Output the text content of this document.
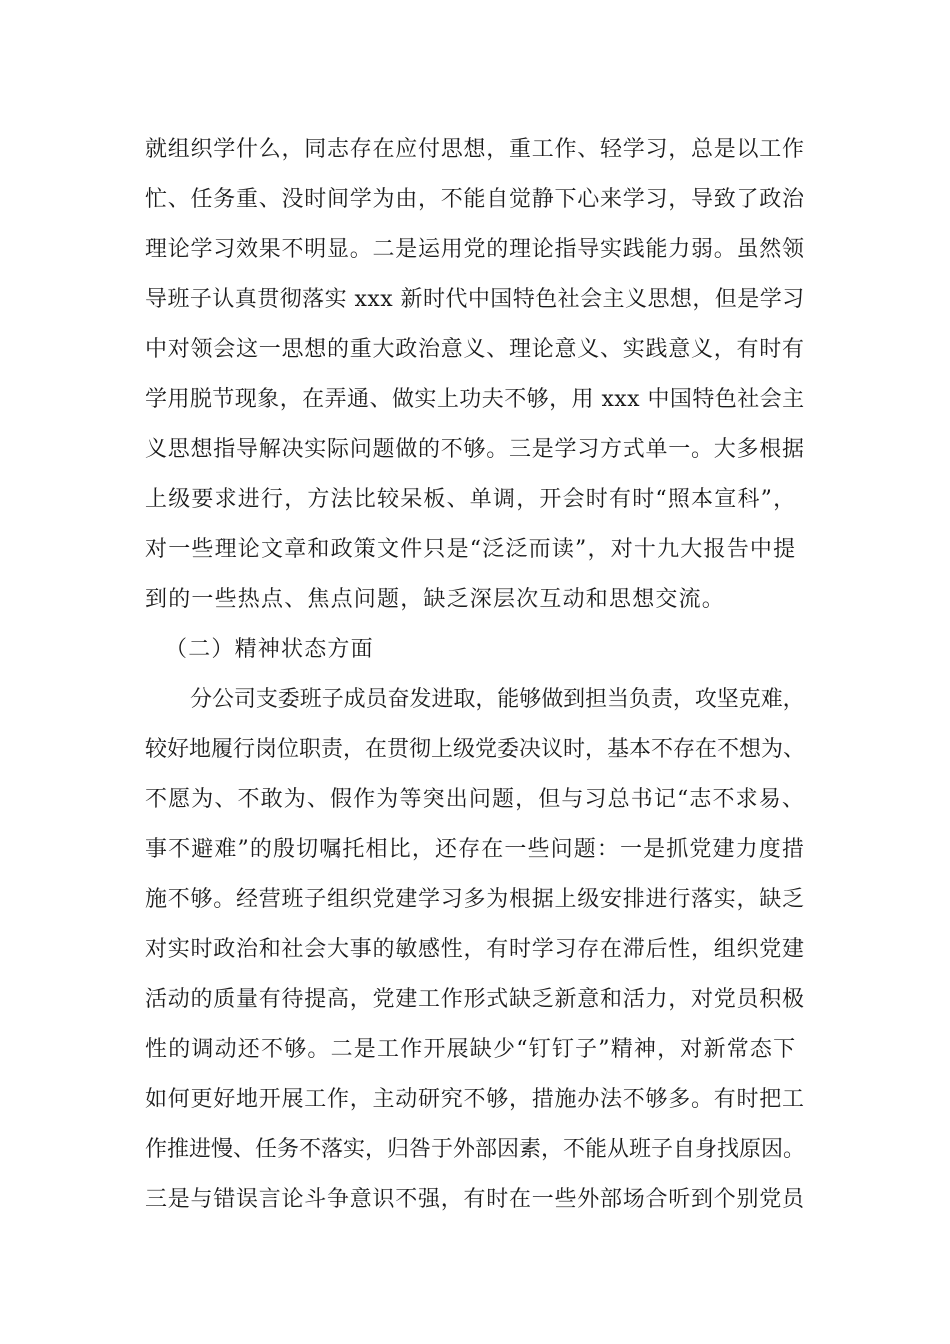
就组织学什么，同志存在应付思想，重工作、轻学习，总是以工作
忙、任务重、没时间学为由，不能自觉静下心来学习，导致了政治
理论学习效果不明显。二是运用党的理论指导实践能力弱。虽然领
导班子认真贯彻落实 xxx 新时代中国特色社会主义思想，但是学习
中对领会这一思想的重大政治意义、理论意义、实践意义，有时有
学用脱节现象，在弄通、做实上功夫不够，用 xxx 中国特色社会主
义思想指导解决实际问题做的不够。三是学习方式单一。大多根据
上级要求进行，方法比较呆板、单调，开会时有时“照本宣科”，
对一些理论文章和政策文件只是“泛泛而读”，对十九大报告中提
到的一些热点、焦点问题，缺乏深层次互动和思想交流。
（二）精神状态方面
分公司支委班子成员奋发进取，能够做到担当负责，攻坚克难，
较好地履行岗位职责，在贯彻上级党委决议时，基本不存在不想为、
不愿为、不敢为、假作为等突出问题，但与习总书记“志不求易、
事不避难”的殷切嘱托相比，还存在一些问题：一是抓党建力度措
施不够。经营班子组织党建学习多为根据上级安排进行落实，缺乏
对实时政治和社会大事的敏感性，有时学习存在滞后性，组织党建
活动的质量有待提高，党建工作形式缺乏新意和活力，对党员积极
性的调动还不够。二是工作开展缺少“钉钉子”精神，对新常态下
如何更好地开展工作，主动研究不够，措施办法不够多。有时把工
作推进慢、任务不落实，归咎于外部因素，不能从班子自身找原因。
三是与错误言论斗争意识不强，有时在一些外部场合听到个别党员
